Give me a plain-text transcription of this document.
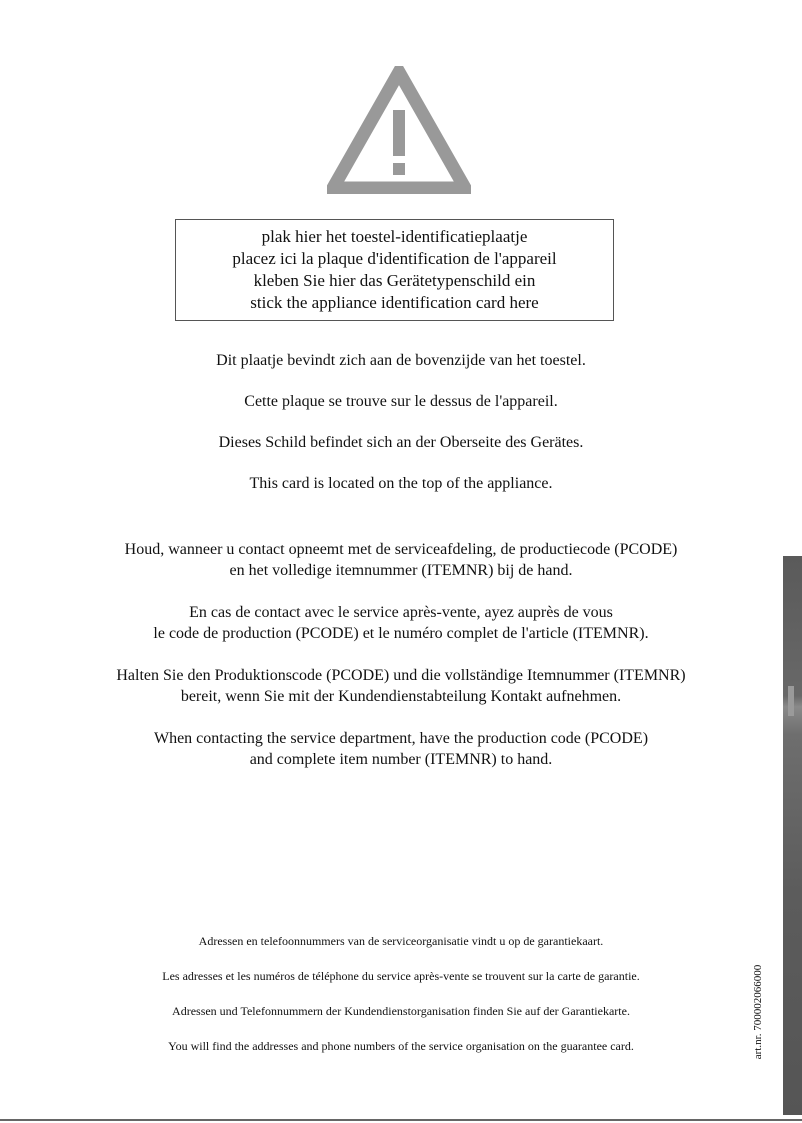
plak hier het toestel-identificatieplaatje
placez ici la plaque d'identification de l'appareil
kleben Sie hier das Gerätetypenschild ein
stick the appliance identification card here

Dit plaatje bevindt zich aan de bovenzijde van het toestel.

Cette plaque se trouve sur le dessus de l'appareil.

Dieses Schild befindet sich an der Oberseite des Gerätes.

This card is located on the top of the appliance.

Houd, wanneer u contact opneemt met de serviceafdeling, de productiecode (PCODE)
en het volledige itemnummer (ITEMNR) bij de hand.

En cas de contact avec le service après-vente, ayez auprès de vous
le code de production (PCODE) et le numéro complet de l'article (ITEMNR).

Halten Sie den Produktionscode (PCODE) und die vollständige Itemnummer (ITEMNR)
bereit, wenn Sie mit der Kundendienstabteilung Kontakt aufnehmen.

When contacting the service department, have the production code (PCODE)
and complete item number (ITEMNR) to hand.

Adressen en telefoonnummers van de serviceorganisatie vindt u op de garantiekaart.

Les adresses et les numéros de téléphone du service après-vente se trouvent sur la carte de garantie.

Adressen und Telefonnummern der Kundendienstorganisation finden Sie auf der Garantiekarte.

You will find the addresses and phone numbers of the service organisation on the guarantee card.	art.nr. 700002066000
